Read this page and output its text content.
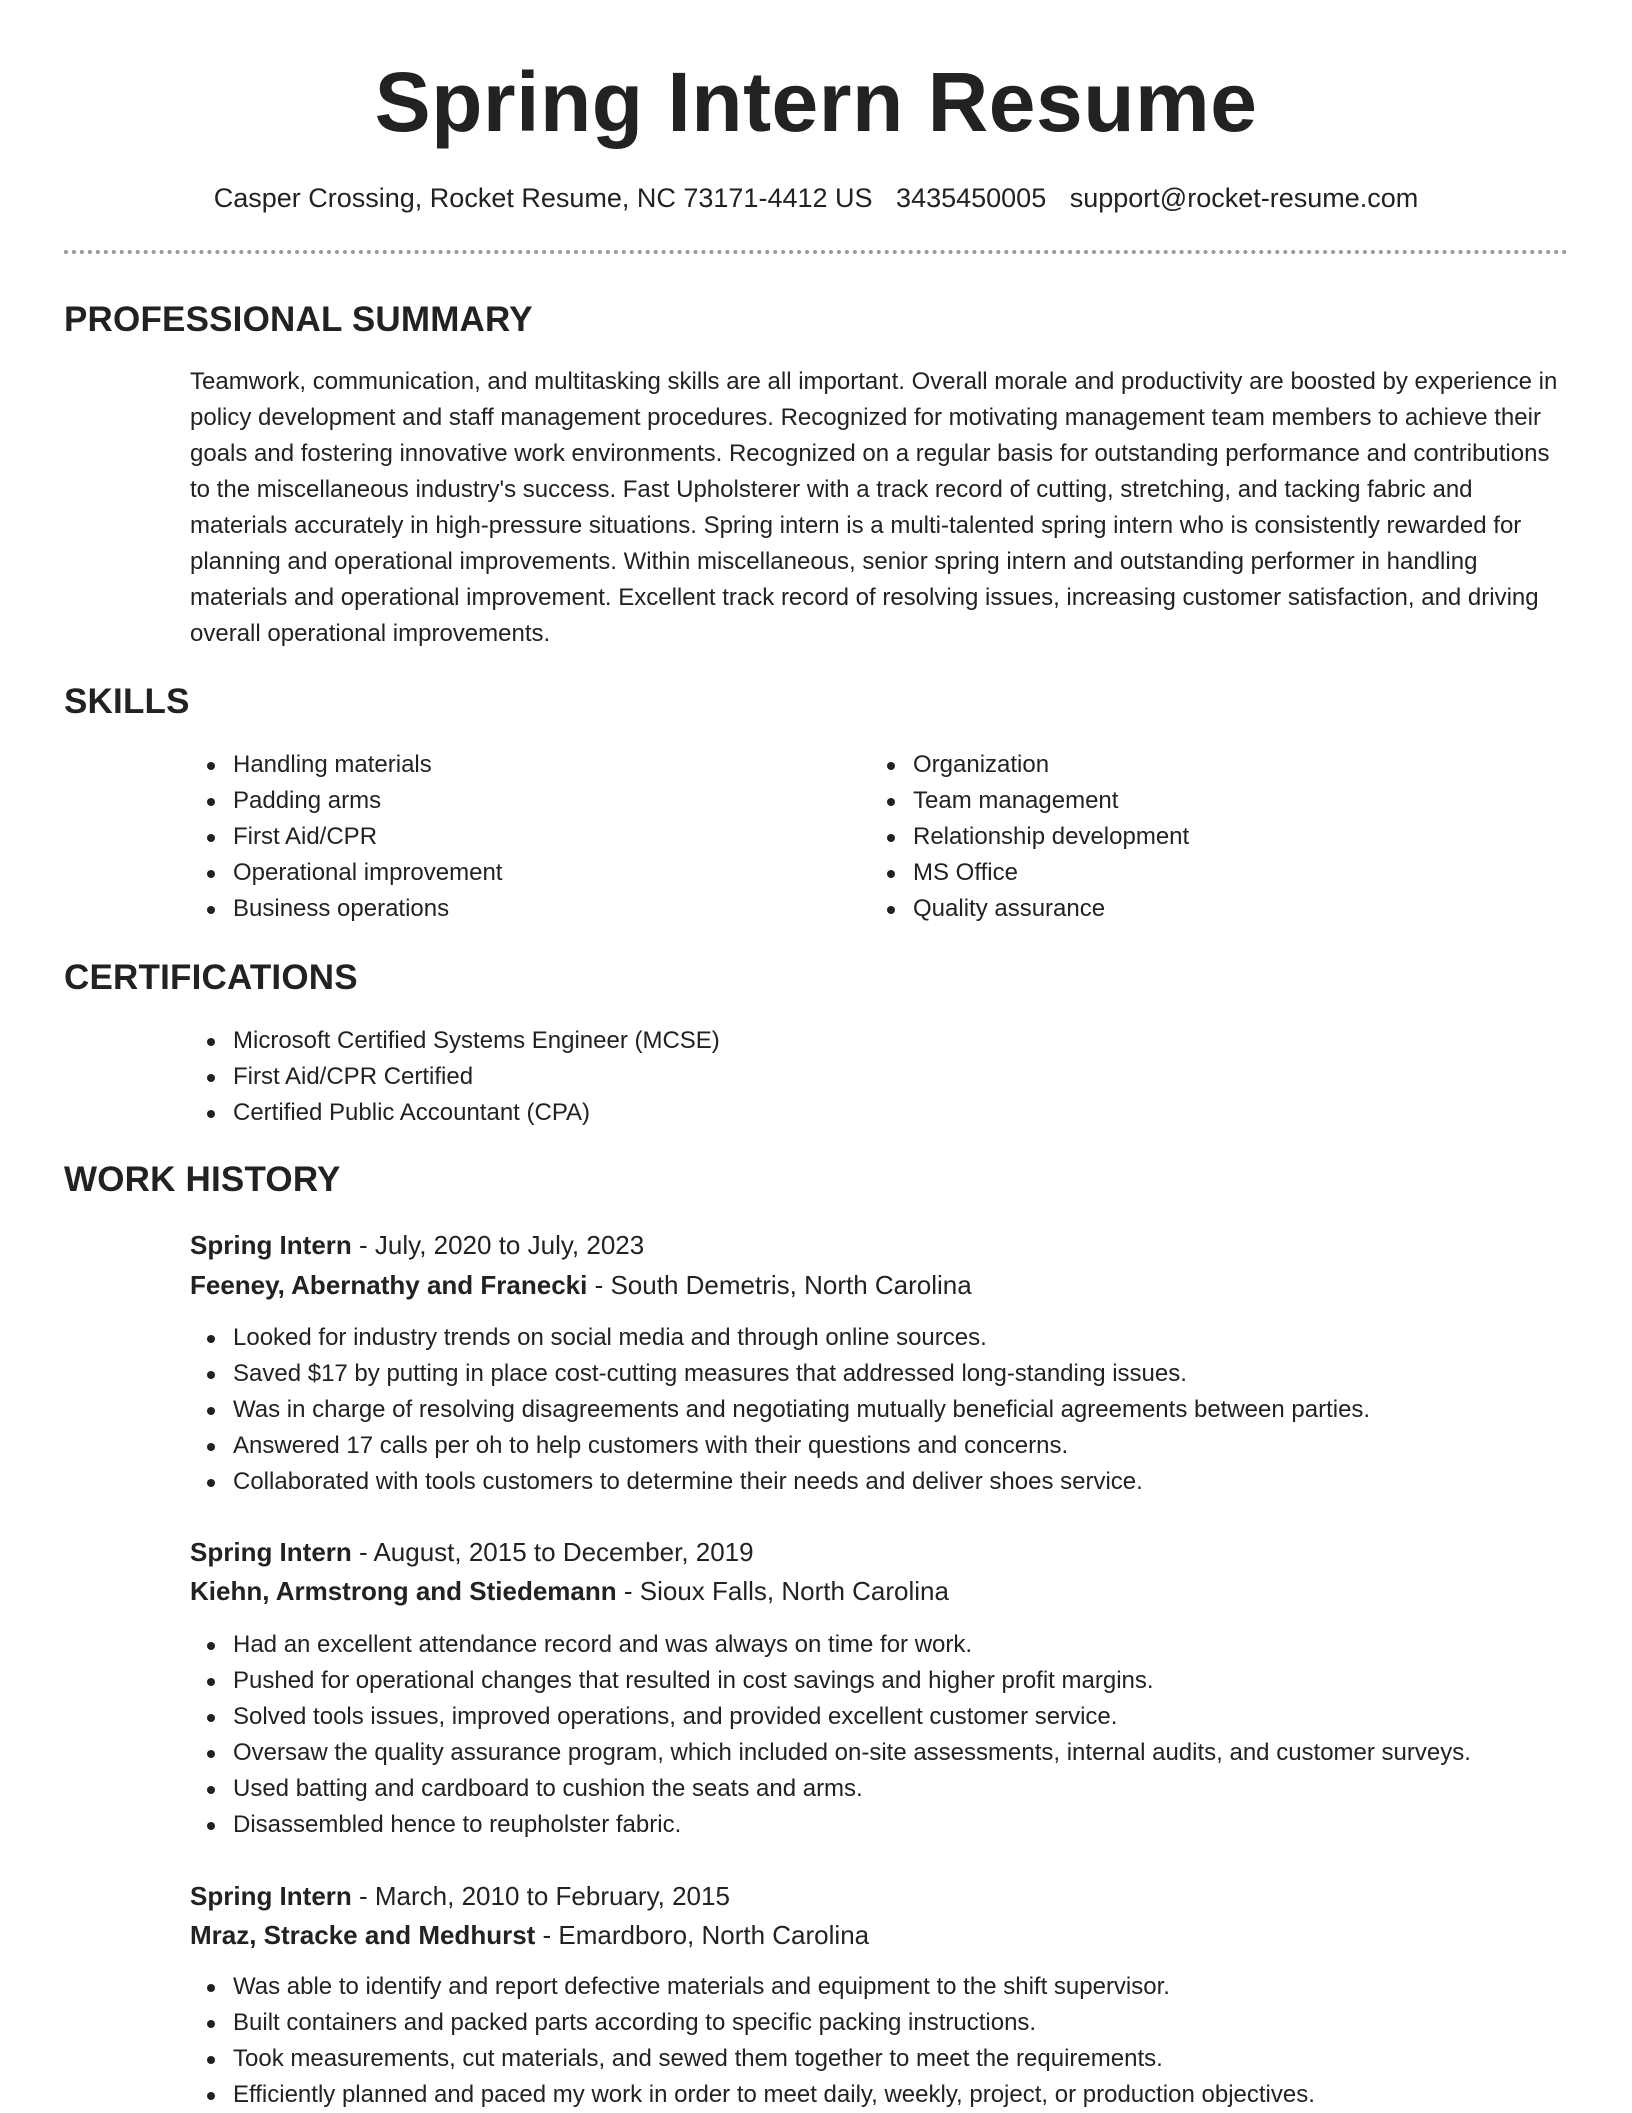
Spring Intern Resume
Casper Crossing, Rocket Resume, NC 73171-4412 US 3435450005 support@rocket-resume.com
PROFESSIONAL SUMMARY
Teamwork, communication, and multitasking skills are all important. Overall morale and productivity are boosted by experience in policy development and staff management procedures. Recognized for motivating management team members to achieve their goals and fostering innovative work environments. Recognized on a regular basis for outstanding performance and contributions to the miscellaneous industry's success. Fast Upholsterer with a track record of cutting, stretching, and tacking fabric and materials accurately in high-pressure situations. Spring intern is a multi-talented spring intern who is consistently rewarded for planning and operational improvements. Within miscellaneous, senior spring intern and outstanding performer in handling materials and operational improvement. Excellent track record of resolving issues, increasing customer satisfaction, and driving overall operational improvements.
SKILLS
Handling materials
Padding arms
First Aid/CPR
Operational improvement
Business operations
Organization
Team management
Relationship development
MS Office
Quality assurance
CERTIFICATIONS
Microsoft Certified Systems Engineer (MCSE)
First Aid/CPR Certified
Certified Public Accountant (CPA)
WORK HISTORY
Spring Intern - July, 2020 to July, 2023
Feeney, Abernathy and Franecki - South Demetris, North Carolina
Looked for industry trends on social media and through online sources.
Saved $17 by putting in place cost-cutting measures that addressed long-standing issues.
Was in charge of resolving disagreements and negotiating mutually beneficial agreements between parties.
Answered 17 calls per oh to help customers with their questions and concerns.
Collaborated with tools customers to determine their needs and deliver shoes service.
Spring Intern - August, 2015 to December, 2019
Kiehn, Armstrong and Stiedemann - Sioux Falls, North Carolina
Had an excellent attendance record and was always on time for work.
Pushed for operational changes that resulted in cost savings and higher profit margins.
Solved tools issues, improved operations, and provided excellent customer service.
Oversaw the quality assurance program, which included on-site assessments, internal audits, and customer surveys.
Used batting and cardboard to cushion the seats and arms.
Disassembled hence to reupholster fabric.
Spring Intern - March, 2010 to February, 2015
Mraz, Stracke and Medhurst - Emardboro, North Carolina
Was able to identify and report defective materials and equipment to the shift supervisor.
Built containers and packed parts according to specific packing instructions.
Took measurements, cut materials, and sewed them together to meet the requirements.
Efficiently planned and paced my work in order to meet daily, weekly, project, or production objectives.
